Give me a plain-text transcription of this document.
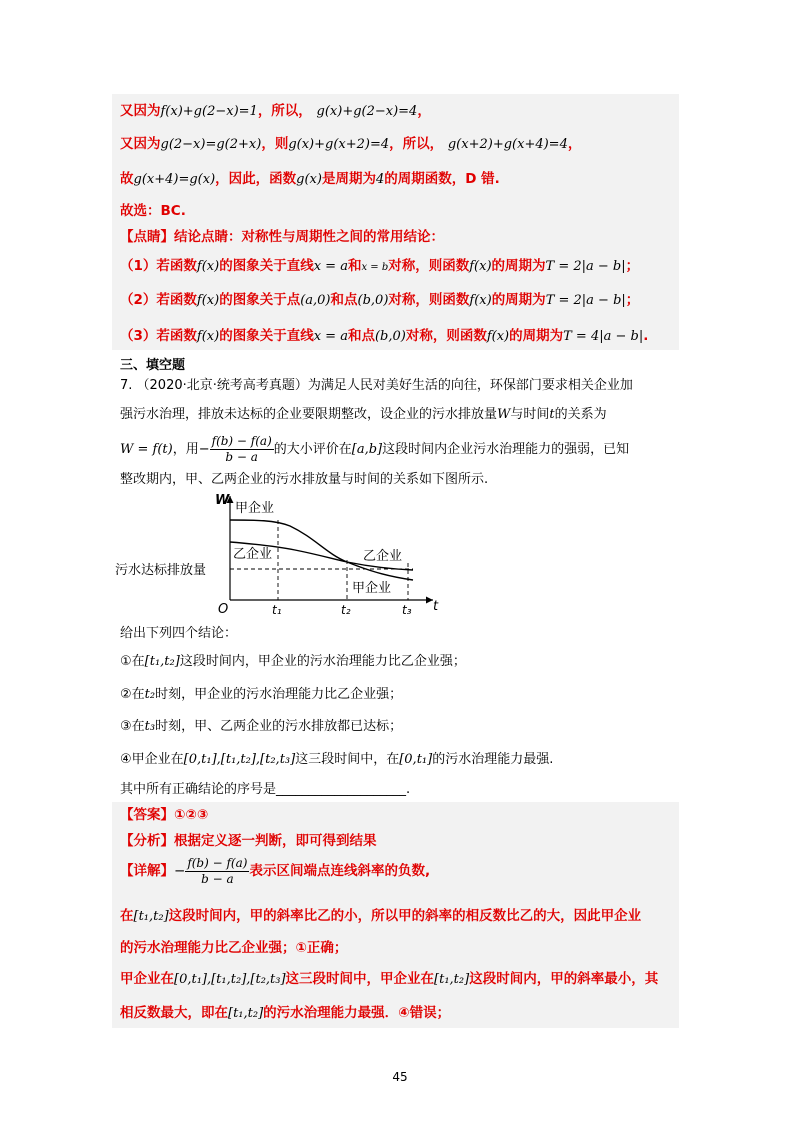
又因为f(x)+g(2−x)=1，所以， g(x)+g(2−x)=4，
又因为g(2−x)=g(2+x)，则g(x)+g(x+2)=4，所以， g(x+2)+g(x+4)=4，
故g(x+4)=g(x)，因此，函数g(x)是周期为4的周期函数，D 错.
故选：BC.
【点睛】结论点睛：对称性与周期性之间的常用结论：
（1）若函数f(x)的图象关于直线x = a和x = b对称，则函数f(x)的周期为T = 2|a − b|；
（2）若函数f(x)的图象关于点(a,0)和点(b,0)对称，则函数f(x)的周期为T = 2|a − b|；
（3）若函数f(x)的图象关于直线x = a和点(b,0)对称，则函数f(x)的周期为T = 4|a − b|.
三、填空题
7. （2020·北京·统考高考真题）为满足人民对美好生活的向往，环保部门要求相关企业加
强污水治理，排放未达标的企业要限期整改，设企业的污水排放量W与时间t的关系为
W = f(t)，用− $\frac{f(b) - f(a)}{b - a}$ 的大小评价在[a,b]这段时间内企业污水治理能力的强弱，已知
整改期内，甲、乙两企业的污水排放量与时间的关系如下图所示.
W
t
O
甲企业
乙企业	乙企业
甲企业
污水达标排放量
t₁	t₂	t₃
给出下列四个结论：
①在[t₁,t₂]这段时间内，甲企业的污水治理能力比乙企业强；
②在t₂时刻，甲企业的污水治理能力比乙企业强；
③在t₃时刻，甲、乙两企业的污水排放都已达标；
④甲企业在[0,t₁],[t₁,t₂],[t₂,t₃]这三段时间中，在[0,t₁]的污水治理能力最强.
其中所有正确结论的序号是____________________.
【答案】①②③
【分析】根据定义逐一判断，即可得到结果
【详解】− $\frac{f(b) - f(a)}{b - a}$ 表示区间端点连线斜率的负数,
在[t₁,t₂]这段时间内，甲的斜率比乙的小，所以甲的斜率的相反数比乙的大，因此甲企业
的污水治理能力比乙企业强；①正确；
甲企业在[0,t₁],[t₁,t₂],[t₂,t₃]这三段时间中，甲企业在[t₁,t₂]这段时间内，甲的斜率最小，其
相反数最大，即在[t₁,t₂]的污水治理能力最强．④错误；
45
